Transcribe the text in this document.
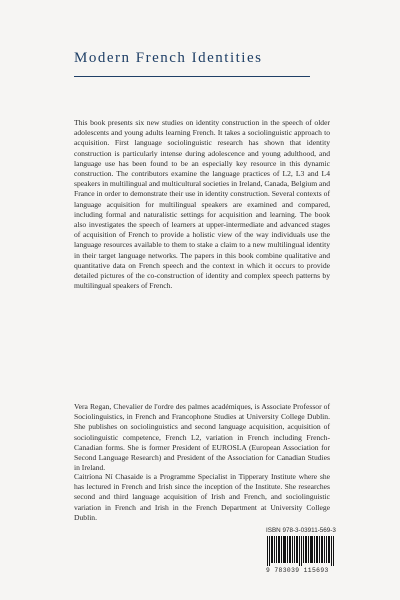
Modern French Identities

This book presents six new studies on identity construction in the speech of older adolescents and young adults learning French. It takes a sociolinguistic approach to acquisition. First language sociolinguistic research has shown that identity construction is particularly intense during adolescence and young adulthood, and language use has been found to be an especially key resource in this dynamic construction. The contributors examine the language practices of L2, L3 and L4 speakers in multilingual and multicultural societies in Ireland, Canada, Belgium and France in order to demonstrate their use in identity construction. Several contexts of language acquisition for multilingual speakers are examined and compared, including formal and naturalistic settings for acquisition and learning. The book also investigates the speech of learners at upper-intermediate and advanced stages of acquisition of French to provide a holistic view of the way individuals use the language resources available to them to stake a claim to a new multilingual identity in their target language networks. The papers in this book combine qualitative and quantitative data on French speech and the context in which it occurs to provide detailed pictures of the co-construction of identity and complex speech patterns by multilingual speakers of French.

Vera Regan, Chevalier de l'ordre des palmes académiques, is Associate Professor of Sociolinguistics, in French and Francophone Studies at University College Dublin. She publishes on sociolinguistics and second language acquisition, acquisition of sociolinguistic competence, French L2, variation in French including French-Canadian forms. She is former President of EUROSLA (European Association for Second Language Research) and President of the Association for Canadian Studies in Ireland.

Caitríona Ní Chasaide is a Programme Specialist in Tipperary Institute where she has lectured in French and Irish since the inception of the Institute. She researches second and third language acquisition of Irish and French, and sociolinguistic variation in French and Irish in the French Department at University College Dublin.

ISBN 978-3-03911-569-3
9 783039 115693
